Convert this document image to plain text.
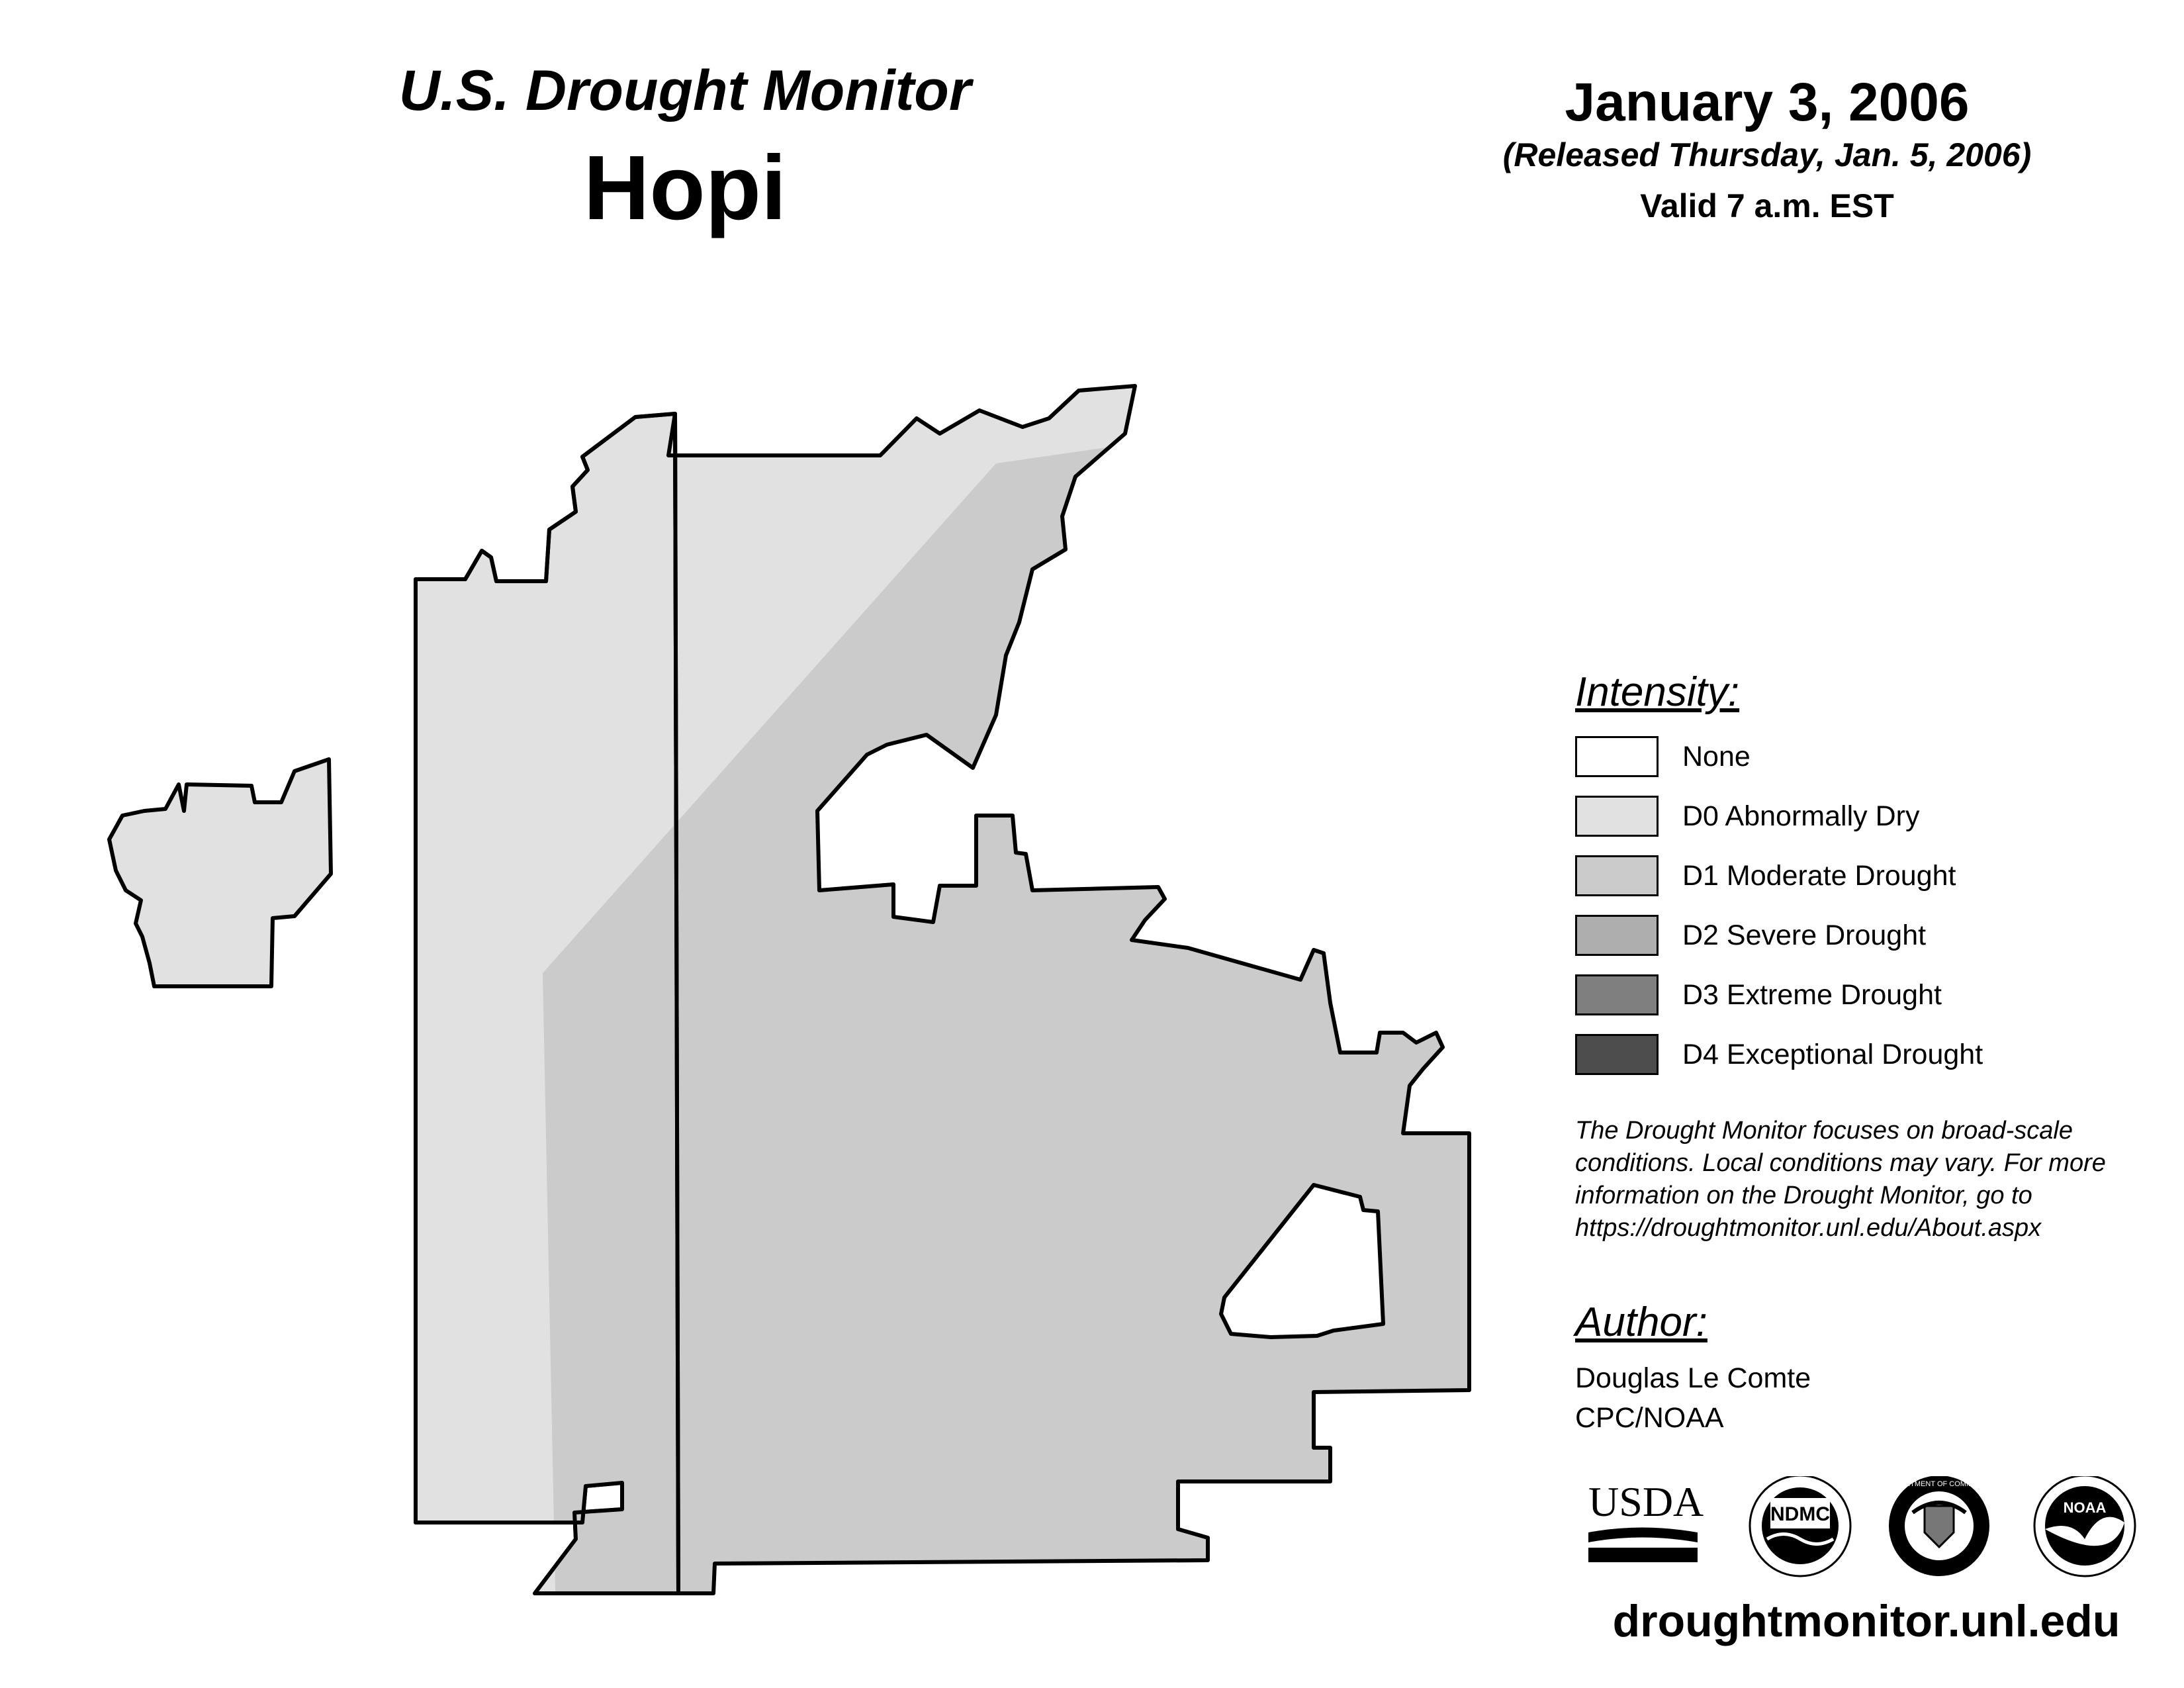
U.S. Drought Monitor
Hopi
January 3, 2006
(Released Thursday, Jan. 5, 2006)
Valid 7 a.m. EST
Intensity:
None
D0 Abnormally Dry
D1 Moderate Drought
D2 Severe Drought
D3 Extreme Drought
D4 Exceptional Drought
The Drought Monitor focuses on broad-scale
conditions. Local conditions may vary. For more
information on the Drought Monitor, go to
https://droughtmonitor.unl.edu/About.aspx
Author:
Douglas Le Comte
CPC/NOAA
USDA	NDMC
DEPARTMENT OF COMMERCE
NOAA
droughtmonitor.unl.edu
